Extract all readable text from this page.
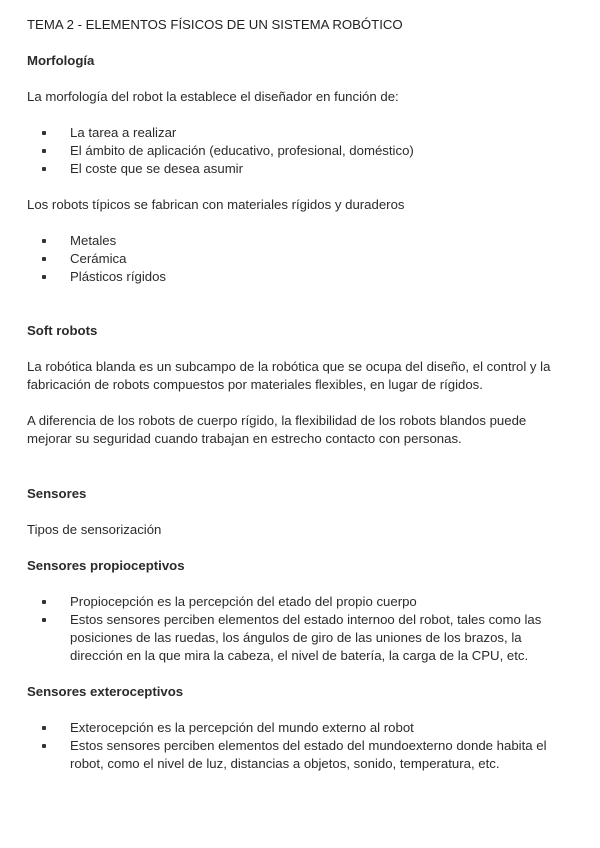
TEMA 2 - ELEMENTOS FÍSICOS DE UN SISTEMA ROBÓTICO
Morfología

La morfología del robot la establece el diseñador en función de:

La tarea a realizar
El ámbito de aplicación (educativo, profesional, doméstico)
El coste que se desea asumir

Los robots típicos se fabrican con materiales rígidos y duraderos

Metales
Cerámica
Plásticos rígidos
Soft robots

La robótica blanda es un subcampo de la robótica que se ocupa del diseño, el control y la fabricación de robots compuestos por materiales flexibles, en lugar de rígidos.

A diferencia de los robots de cuerpo rígido, la flexibilidad de los robots blandos puede mejorar su seguridad cuando trabajan en estrecho contacto con personas.

Sensores

Tipos de sensorización

Sensores propioceptivos
Propiocepción es la percepción del etado del propio cuerpo
Estos sensores perciben elementos del estado internoo del robot, tales como las posiciones de las ruedas, los ángulos de giro de las uniones de los brazos, la dirección en la que mira la cabeza, el nivel de batería, la carga de la CPU, etc.
Sensores exteroceptivos
Exterocepción es la percepción del mundo externo al robot
Estos sensores perciben elementos del estado del mundoexterno donde habita el robot, como el nivel de luz, distancias a objetos, sonido, temperatura, etc.
